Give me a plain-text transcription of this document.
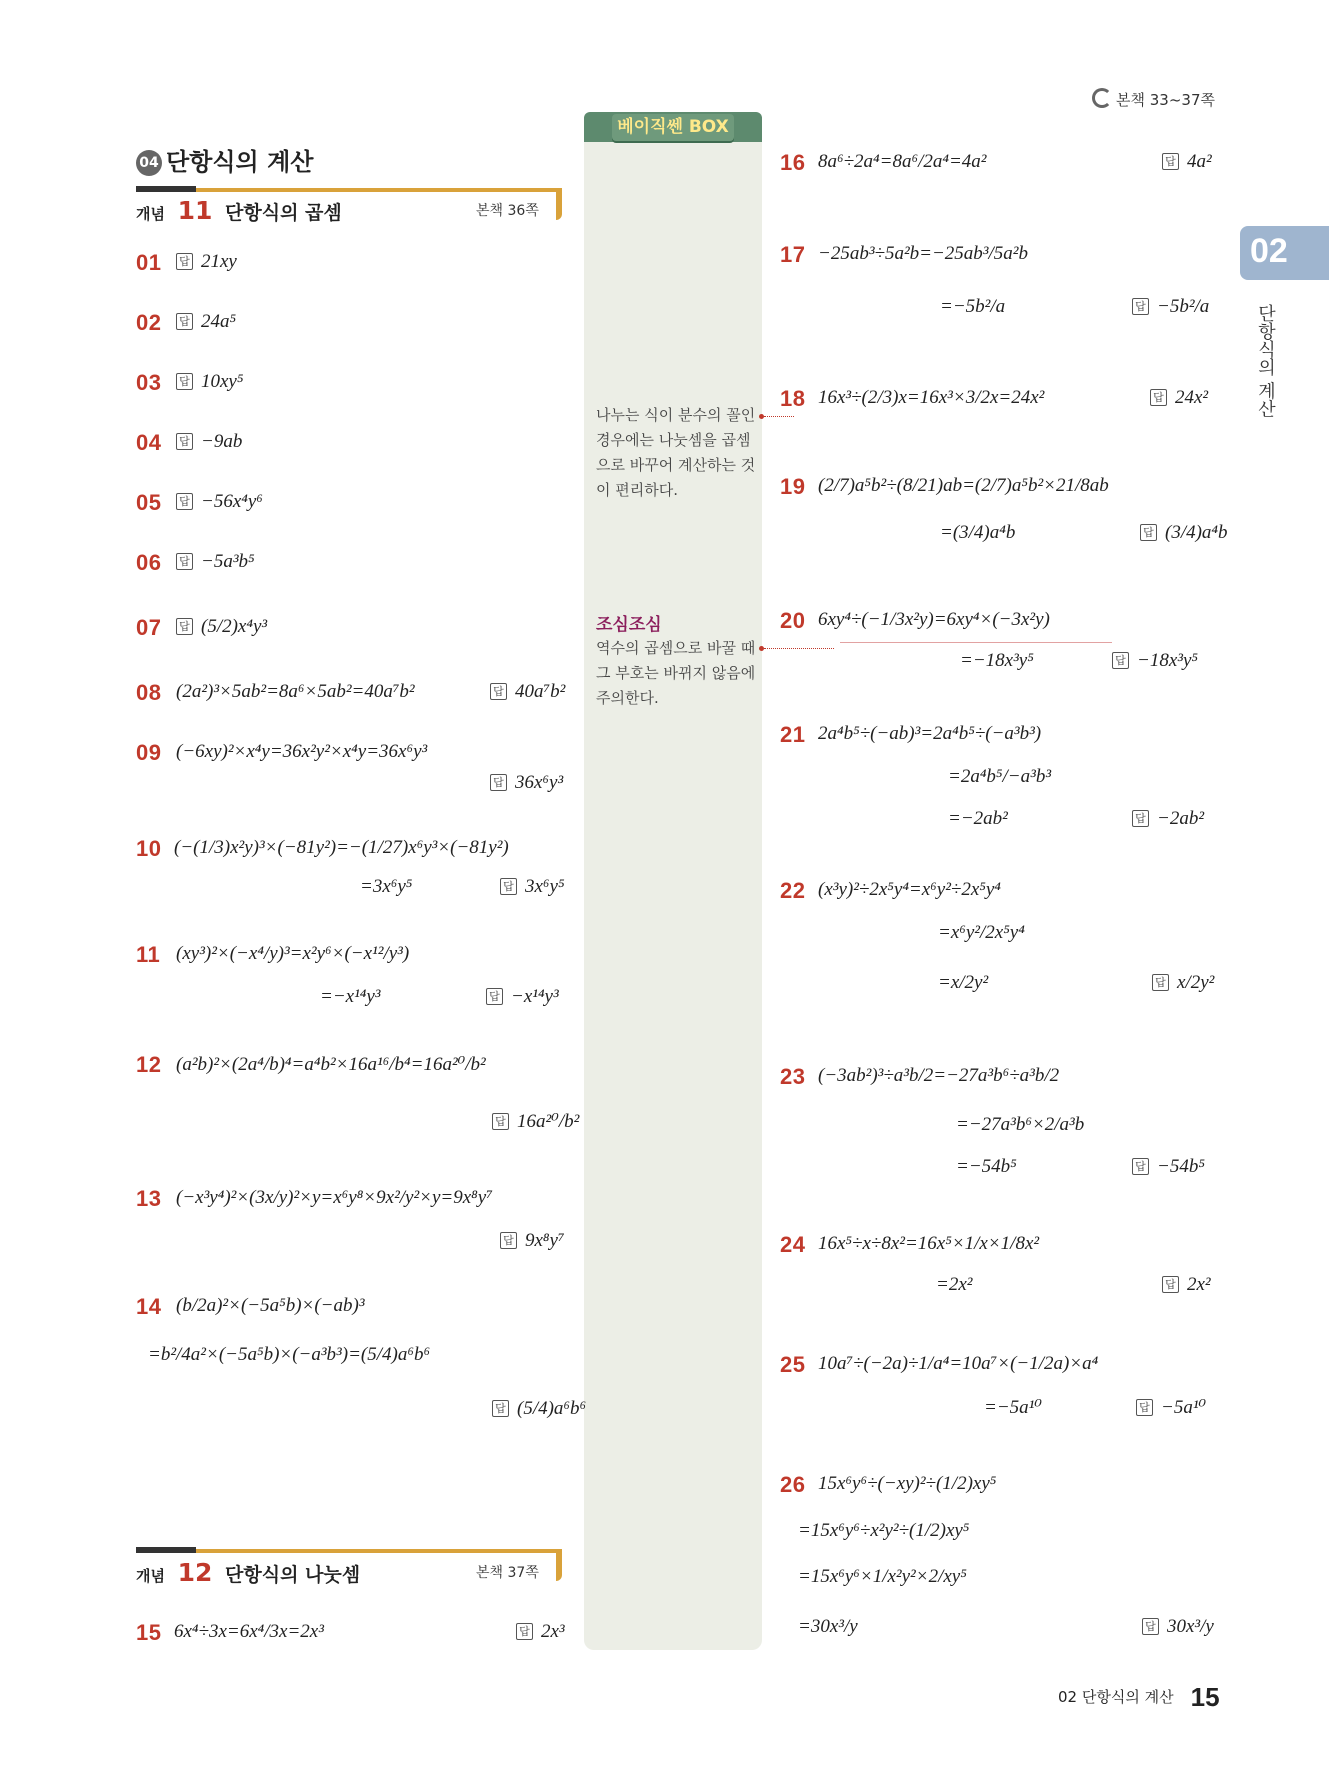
본책 33~37쪽
02
단항식의 계산
04 단항식의 계산
개념 11 단항식의 곱셈	본책 36쪽
베이직쎈 BOX
나누는 식이 분수의 꼴인 경우에는 나눗셈을 곱셈으로 바꾸어 계산하는 것이 편리하다.
조심조심
역수의 곱셈으로 바꿀 때 그 부호는 바뀌지 않음에 주의한다.
01 답	21xy
02 답	24a⁵
03 답	10xy⁵
04 답	−9ab
05 답	−56x⁴y⁶
06 답	−5a³b⁵
07 답	(5/2)x⁴y³
08 (2a²)³×5ab²=8a⁶×5ab²=40a⁷b² 답	40a⁷b²
09 (−6xy)²×x⁴y=36x²y²×x⁴y=36x⁶y³
답36x⁶y³
10 (−(1/3)x²y)³×(−81y²)=−(1/27)x⁶y³×(−81y²)
=3x⁶y⁵ 답	3x⁶y⁵
11 (xy³)²×(−x⁴/y)³=x²y⁶×(−x¹²/y³)
=−x¹⁴y³ 답	−x¹⁴y³
12 (a²b)²×(2a⁴/b)⁴=a⁴b²×16a¹⁶/b⁴=16a²⁰/b²
답16a²⁰/b²
13 (−x³y⁴)²×(3x/y)²×y=x⁶y⁸×9x²/y²×y=9x⁸y⁷
답9x⁸y⁷
14 (b/2a)²×(−5a⁵b)×(−ab)³
=b²/4a²×(−5a⁵b)×(−a³b³)=(5/4)a⁶b⁶
답(5/4)a⁶b⁶
개념 12 단항식의 나눗셈	본책 37쪽
15 6x⁴÷3x=6x⁴/3x=2x³ 답	2x³
16 8a⁶÷2a⁴=8a⁶/2a⁴=4a² 답	4a²
17 −25ab³÷5a²b=−25ab³/5a²b
=−5b²/a 답	−5b²/a
18 16x³÷(2/3)x=16x³×3/2x=24x² 답	24x²
19 (2/7)a⁵b²÷(8/21)ab=(2/7)a⁵b²×21/8ab
=(3/4)a⁴b 답	(3/4)a⁴b
20 6xy⁴÷(−1/3x²y)=6xy⁴×(−3x²y)
=−18x³y⁵ 답	−18x³y⁵
21 2a⁴b⁵÷(−ab)³=2a⁴b⁵÷(−a³b³)
=2a⁴b⁵/−a³b³
=−2ab² 답	−2ab²
22 (x³y)²÷2x⁵y⁴=x⁶y²÷2x⁵y⁴
=x⁶y²/2x⁵y⁴
=x/2y² 답	x/2y²
23 (−3ab²)³÷a³b/2=−27a³b⁶÷a³b/2
=−27a³b⁶×2/a³b
=−54b⁵ 답	−54b⁵
24 16x⁵÷x÷8x²=16x⁵×1/x×1/8x²
=2x² 답	2x²
25 10a⁷÷(−2a)÷1/a⁴=10a⁷×(−1/2a)×a⁴
=−5a¹⁰ 답	−5a¹⁰
26 15x⁶y⁶÷(−xy)²÷(1/2)xy⁵
=15x⁶y⁶÷x²y²÷(1/2)xy⁵
=15x⁶y⁶×1/x²y²×2/xy⁵
=30x³/y 답	30x³/y
02 단항식의 계산 15
